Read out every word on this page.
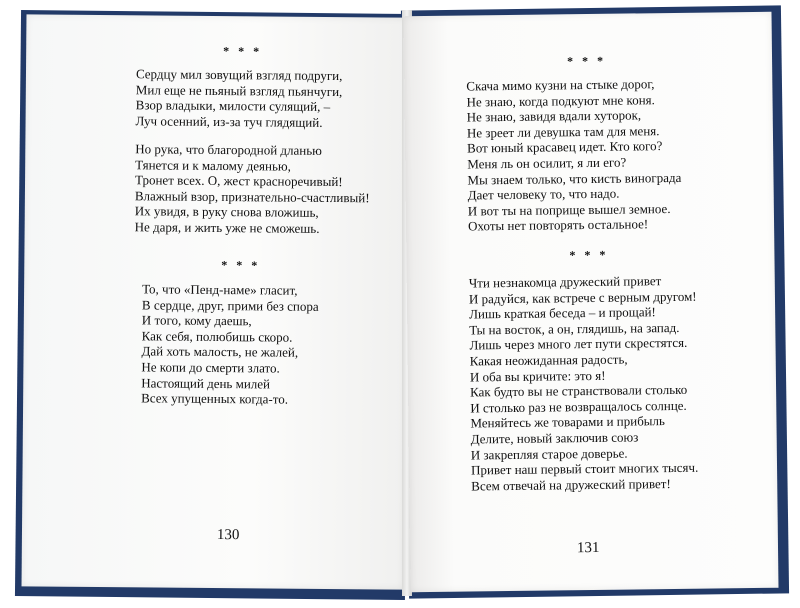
* * *
Сердцу мил зовущий взгляд подруги,
Мил еще не пьяный взгляд пьянчуги,
Взор владыки, милости сулящий, –
Луч осенний, из-за туч глядящий.
Но рука, что благородной дланью
Тянется и к малому деянью,
Тронет всех. О, жест красноречивый!
Влажный взор, признательно-счастливый!
Их увидя, в руку снова вложишь,
Не даря, и жить уже не сможешь.
* * *
То, что «Пенд-наме» гласит,
В сердце, друг, прими без спора
И того, кому даешь,
Как себя, полюбишь скоро.
Дай хоть малость, не жалей,
Не копи до смерти злато.
Настоящий день милей
Всех упущенных когда-то.
130
* * *
Скача мимо кузни на стыке дорог,
Не знаю, когда подкуют мне коня.
Не знаю, завидя вдали хуторок,
Не зреет ли девушка там для меня.
Вот юный красавец идет. Кто кого?
Меня ль он осилит, я ли его?
Мы знаем только, что кисть винограда
Дает человеку то, что надо.
И вот ты на поприще вышел земное.
Охоты нет повторять остальное!
* * *
Чти незнакомца дружеский привет
И радуйся, как встрече с верным другом!
Лишь краткая беседа – и прощай!
Ты на восток, а он, глядишь, на запад.
Лишь через много лет пути скрестятся.
Какая неожиданная радость,
И оба вы кричите: это я!
Как будто вы не странствовали столько
И столько раз не возвращалось солнце.
Меняйтесь же товарами и прибыль
Делите, новый заключив союз
И закрепляя старое доверье.
Привет наш первый стоит многих тысяч.
Всем отвечай на дружеский привет!
131
